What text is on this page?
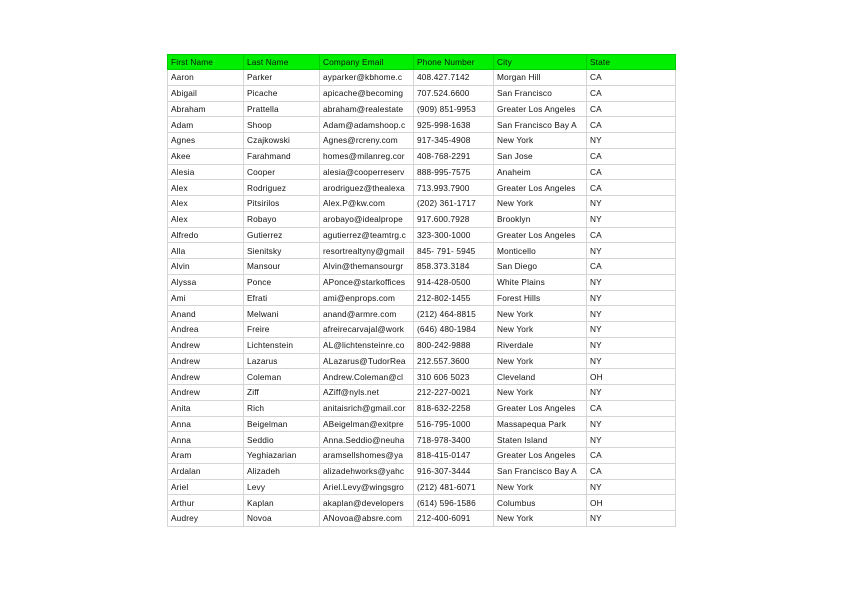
First Name	Last Name	Company Email	Phone Number	City	State
Aaron	Parker	ayparker@kbhome.c	408.427.7142	Morgan Hill	CA
Abigail	Picache	apicache@becoming	707.524.6600	San Francisco	CA
Abraham	Prattella	abraham@realestate	(909) 851-9953	Greater Los Angeles	CA
Adam	Shoop	Adam@adamshoop.c	925-998-1638	San Francisco Bay A	CA
Agnes	Czajkowski	Agnes@rcreny.com	917-345-4908	New York	NY
Akee	Farahmand	homes@milanreg.cor	408-768-2291	San Jose	CA
Alesia	Cooper	alesia@cooperreserv	888-995-7575	Anaheim	CA
Alex	Rodriguez	arodriguez@thealexa	713.993.7900	Greater Los Angeles	CA
Alex	Pitsirilos	Alex.P@kw.com	(202) 361-1717	New York	NY
Alex	Robayo	arobayo@idealprope	917.600.7928	Brooklyn	NY
Alfredo	Gutierrez	agutierrez@teamtrg.c	323-300-1000	Greater Los Angeles	CA
Alla	Sienitsky	resortrealtyny@gmail	845- 791- 5945	Monticello	NY
Alvin	Mansour	Alvin@themansourgr	858.373.3184	San Diego	CA
Alyssa	Ponce	APonce@starkoffices	914-428-0500	White Plains	NY
Ami	Efrati	ami@enprops.com	212-802-1455	Forest Hills	NY
Anand	Melwani	anand@armre.com	(212) 464-8815	New York	NY
Andrea	Freire	afreirecarvajal@work	(646) 480-1984	New York	NY
Andrew	Lichtenstein	AL@lichtensteinre.co	800-242-9888	Riverdale	NY
Andrew	Lazarus	ALazarus@TudorRea	212.557.3600	New York	NY
Andrew	Coleman	Andrew.Coleman@cl	310 606 5023	Cleveland	OH
Andrew	Ziff	AZiff@nyls.net	212-227-0021	New York	NY
Anita	Rich	anitaisrich@gmail.cor	818-632-2258	Greater Los Angeles	CA
Anna	Beigelman	ABeigelman@exitpre	516-795-1000	Massapequa Park	NY
Anna	Seddio	Anna.Seddio@neuha	718-978-3400	Staten Island	NY
Aram	Yeghiazarian	aramsellshomes@ya	818-415-0147	Greater Los Angeles	CA
Ardalan	Alizadeh	alizadehworks@yahc	916-307-3444	San Francisco Bay A	CA
Ariel	Levy	Ariel.Levy@wingsgro	(212) 481-6071	New York	NY
Arthur	Kaplan	akaplan@developers	(614) 596-1586	Columbus	OH
Audrey	Novoa	ANovoa@absre.com	212-400-6091	New York	NY
